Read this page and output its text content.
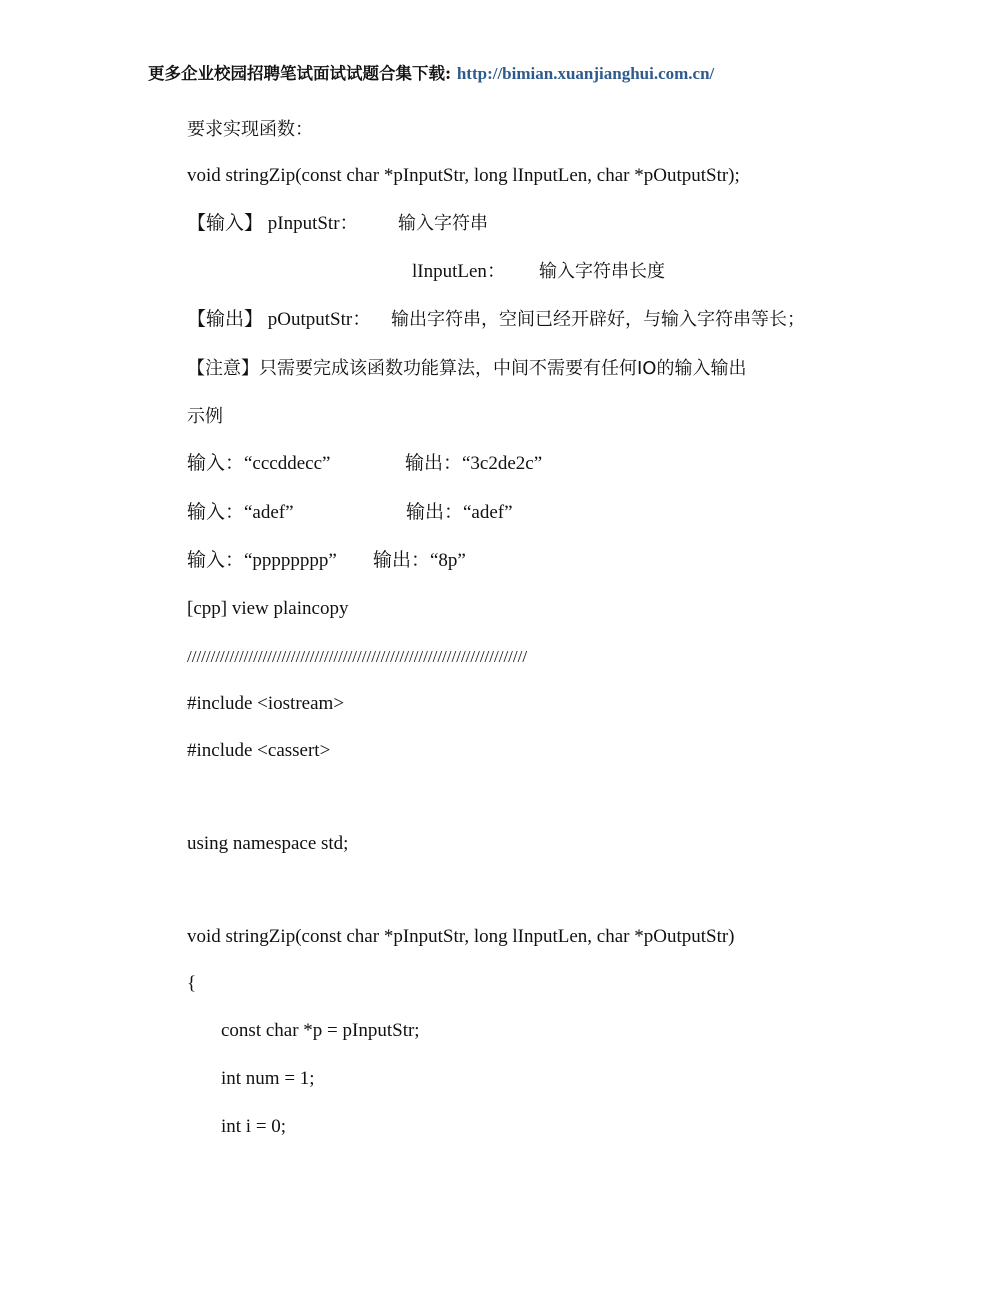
更多企业校园招聘笔试面试试题合集下载: http://bimian.xuanjianghui.com.cn/
要求实现函数：
void stringZip(const char *pInputStr, long lInputLen, char *pOutputStr);
【输入】 pInputStr： 输入字符串
lInputLen： 输入字符串长度
【输出】 pOutputStr： 输出字符串，空间已经开辟好，与输入字符串等长；
【注意】只需要完成该函数功能算法，中间不需要有任何IO的输入输出
示例
输入：“cccddecc”	输出：“3c2de2c”
输入：“adef”	输出：“adef”
输入：“pppppppp” 输出：“8p”
[cpp] view plaincopy
////////////////////////////////////////////////////////////////////////
#include <iostream>
#include <cassert>
using namespace std;
void stringZip(const char *pInputStr, long lInputLen, char *pOutputStr)
{
const char *p = pInputStr;
int num = 1;
int i = 0;
